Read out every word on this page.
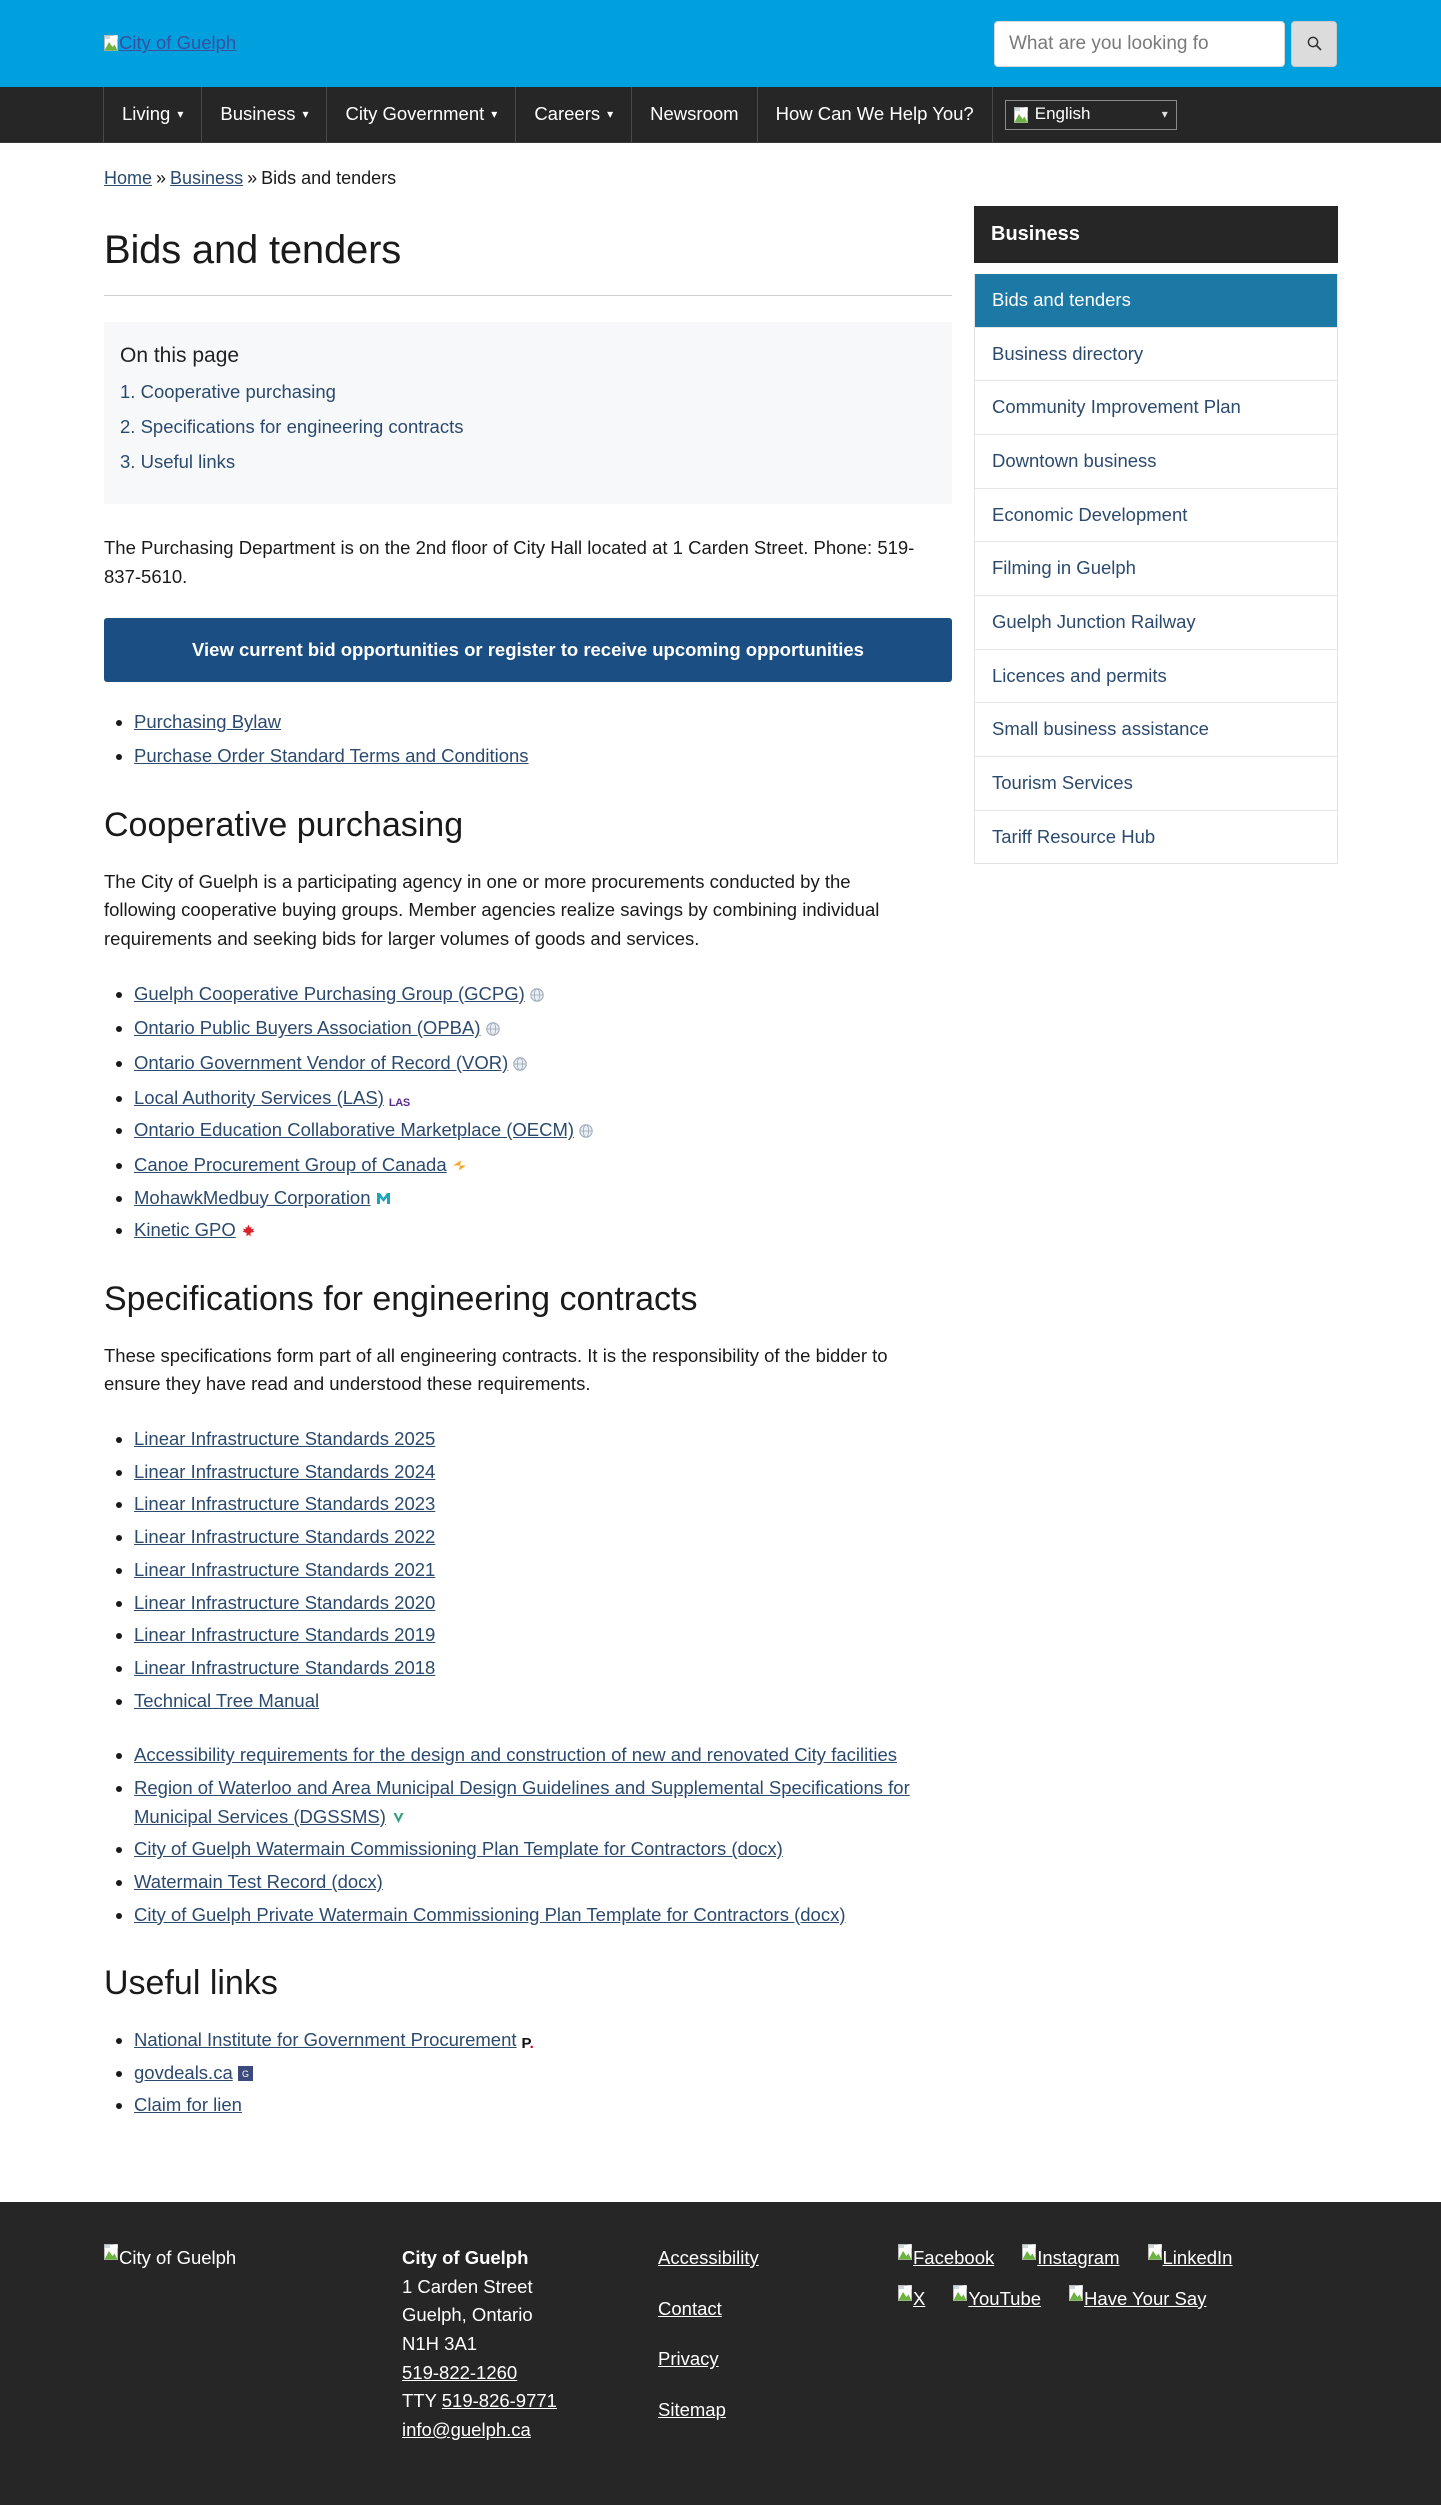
City of Guelph
What are you looking fo
Living ▾ Business ▾ City Government ▾ Careers ▾ Newsroom How Can We Help You?	English	▾
Home » Business » Bids and tenders
Bids and tenders
On this page
1. Cooperative purchasing
2. Specifications for engineering contracts
3. Useful links

The Purchasing Department is on the 2nd floor of City Hall located at 1 Carden Street. Phone: 519-837-5610.

View current bid opportunities or register to receive upcoming opportunities
• Purchasing Bylaw
• Purchase Order Standard Terms and Conditions
Cooperative purchasing

The City of Guelph is a participating agency in one or more procurements conducted by the following cooperative buying groups. Member agencies realize savings by combining individual requirements and seeking bids for larger volumes of goods and services.

• Guelph Cooperative Purchasing Group (GCPG)
• Ontario Public Buyers Association (OPBA)
• Ontario Government Vendor of Record (VOR)
• Local Authority Services (LAS) LAS
• Ontario Education Collaborative Marketplace (OECM)
• Canoe Procurement Group of Canada
• MohawkMedbuy Corporation
• Kinetic GPO
Specifications for engineering contracts

These specifications form part of all engineering contracts. It is the responsibility of the bidder to ensure they have read and understood these requirements.

• Linear Infrastructure Standards 2025
• Linear Infrastructure Standards 2024
• Linear Infrastructure Standards 2023
• Linear Infrastructure Standards 2022
• Linear Infrastructure Standards 2021
• Linear Infrastructure Standards 2020
• Linear Infrastructure Standards 2019
• Linear Infrastructure Standards 2018
• Technical Tree Manual
• Accessibility requirements for the design and construction of new and renovated City facilities
• Region of Waterloo and Area Municipal Design Guidelines and Supplemental Specifications for Municipal Services (DGSSMS)
• City of Guelph Watermain Commissioning Plan Template for Contractors (docx)
• Watermain Test Record (docx)
• City of Guelph Private Watermain Commissioning Plan Template for Contractors (docx)
Useful links
• National Institute for Government Procurement P.
• govdeals.ca G
• Claim for lien
Business
Bids and tenders
Business directory
Community Improvement Plan
Downtown business
Economic Development
Filming in Guelph
Guelph Junction Railway
Licences and permits
Small business assistance
Tourism Services
Tariff Resource Hub
City of Guelph	City of Guelph
1 Carden Street
Guelph, Ontario
N1H 3A1
519-822-1260
TTY 519-826-9771
info@guelph.ca
Accessibility
Contact
Privacy
Sitemap
Facebook Instagram LinkedIn
X YouTube Have Your Say
